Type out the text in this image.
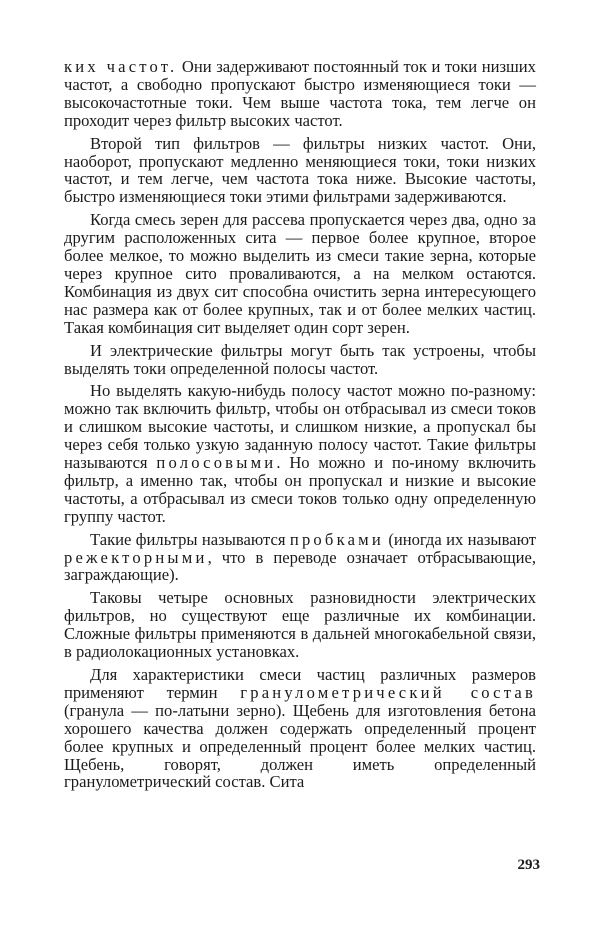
ких частот. Они задерживают постоянный ток и токи низших частот, а свободно пропускают быстро изменяющиеся токи — высокочастотные токи. Чем выше частота тока, тем легче он проходит через фильтр высоких частот.

Второй тип фильтров — фильтры низких частот. Они, наоборот, пропускают медленно меняющиеся токи, токи низких частот, и тем легче, чем частота тока ниже. Высокие частоты, быстро изменяющиеся токи этими фильтрами задерживаются.

Когда смесь зерен для рассева пропускается через два, одно за другим расположенных сита — первое более крупное, второе более мелкое, то можно выделить из смеси такие зерна, которые через крупное сито проваливаются, а на мелком остаются. Комбинация из двух сит способна очистить зерна интересующего нас размера как от более крупных, так и от более мелких частиц. Такая комбинация сит выделяет один сорт зерен.

И электрические фильтры могут быть так устроены, чтобы выделять токи определенной полосы частот.

Но выделять какую-нибудь полосу частот можно по-разному: можно так включить фильтр, чтобы он отбрасывал из смеси токов и слишком высокие частоты, и слишком низкие, а пропускал бы через себя только узкую заданную полосу частот. Такие фильтры называются полосовыми. Но можно и по-иному включить фильтр, а именно так, чтобы он пропускал и низкие и высокие частоты, а отбрасывал из смеси токов только одну определенную группу частот.

Такие фильтры называются пробками (иногда их называют режекторными, что в переводе означает отбрасывающие, заграждающие).

Таковы четыре основных разновидности электрических фильтров, но существуют еще различные их комбинации. Сложные фильтры применяются в дальней многокабельной связи, в радиолокационных установках.

Для характеристики смеси частиц различных размеров применяют термин гранулометрический состав (гранула — по-латыни зерно). Щебень для изготовления бетона хорошего качества должен содержать определенный процент более крупных и определенный процент более мелких частиц. Щебень, говорят, должен иметь определенный гранулометрический состав. Сита

293
